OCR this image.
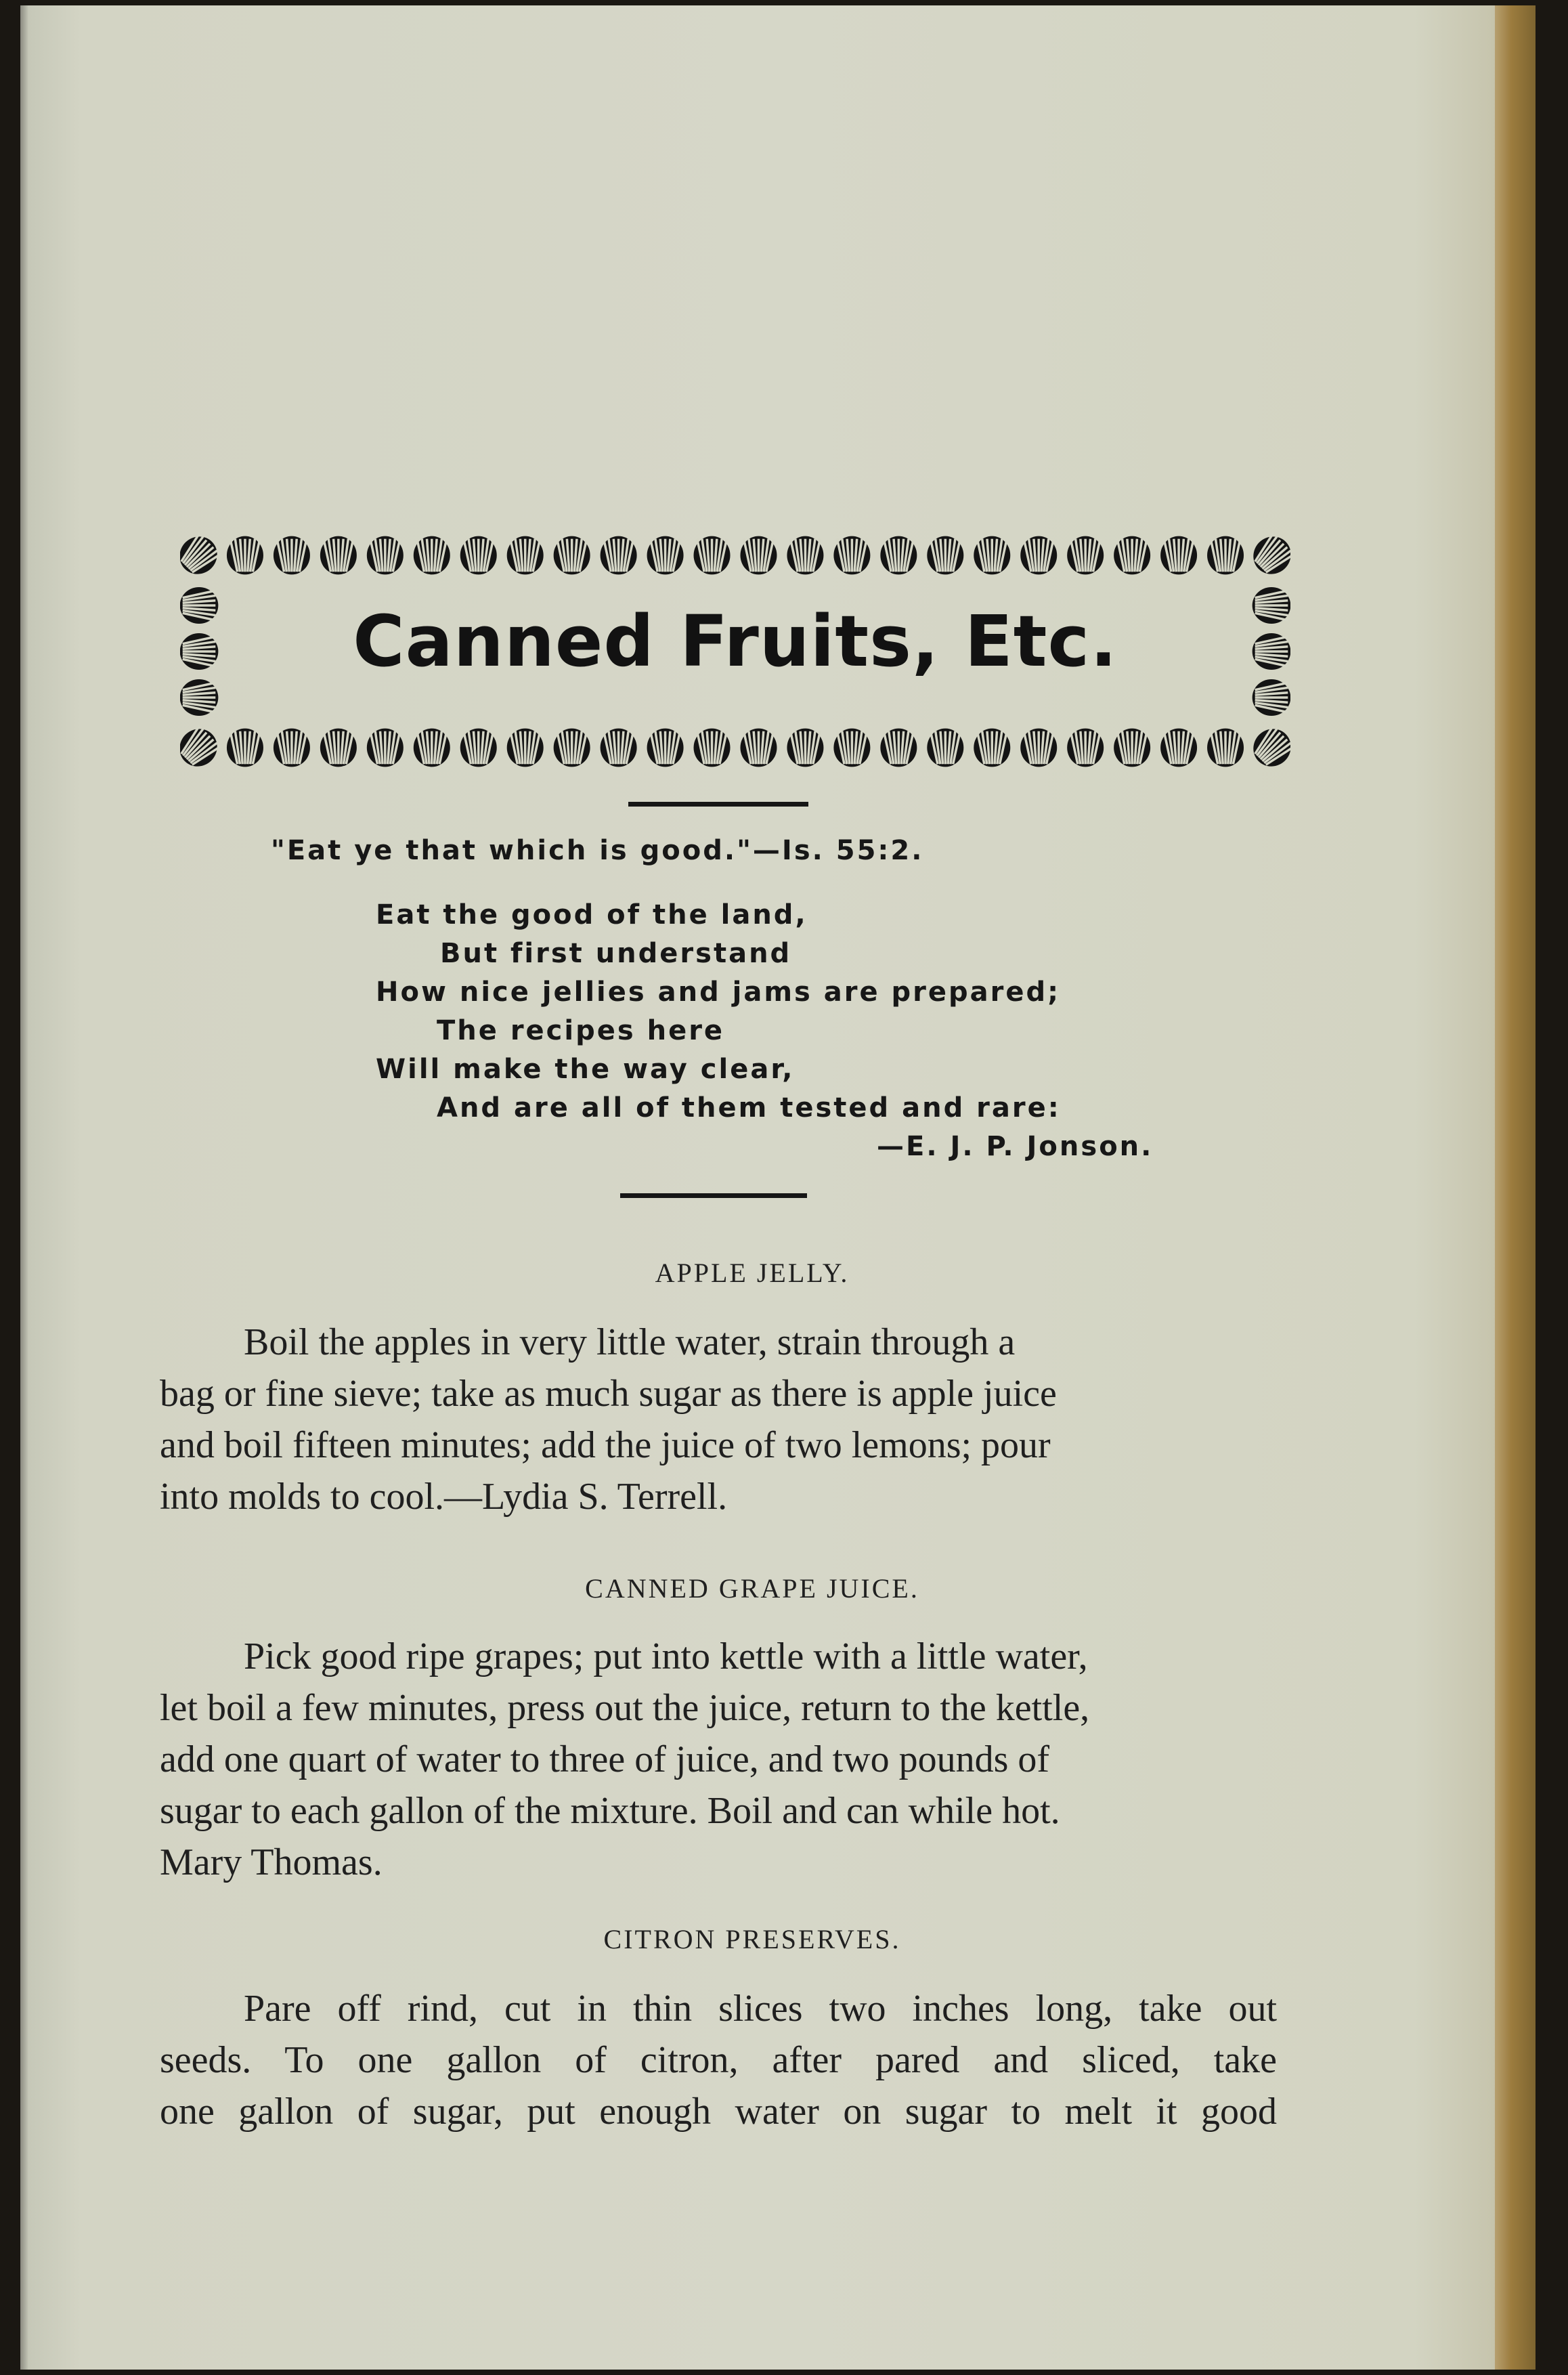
Canned Fruits, Etc.
"Eat ye that which is good."—Is. 55:2.
Eat the good of the land,
But first understand
How nice jellies and jams are prepared;
The recipes here
Will make the way clear,
And are all of them tested and rare:
—E. J. P. Jonson.
APPLE JELLY.
Boil the apples in very little water, strain through a
bag or fine sieve; take as much sugar as there is apple juice
and boil fifteen minutes; add the juice of two lemons; pour
into molds to cool.—Lydia S. Terrell.
CANNED GRAPE JUICE.
Pick good ripe grapes; put into kettle with a little water,
let boil a few minutes, press out the juice, return to the kettle,
add one quart of water to three of juice, and two pounds of
sugar to each gallon of the mixture. Boil and can while hot.
Mary Thomas.
CITRON PRESERVES.
Pare off rind, cut in thin slices two inches long, take out
seeds. To one gallon of citron, after pared and sliced, take
one gallon of sugar, put enough water on sugar to melt it good
